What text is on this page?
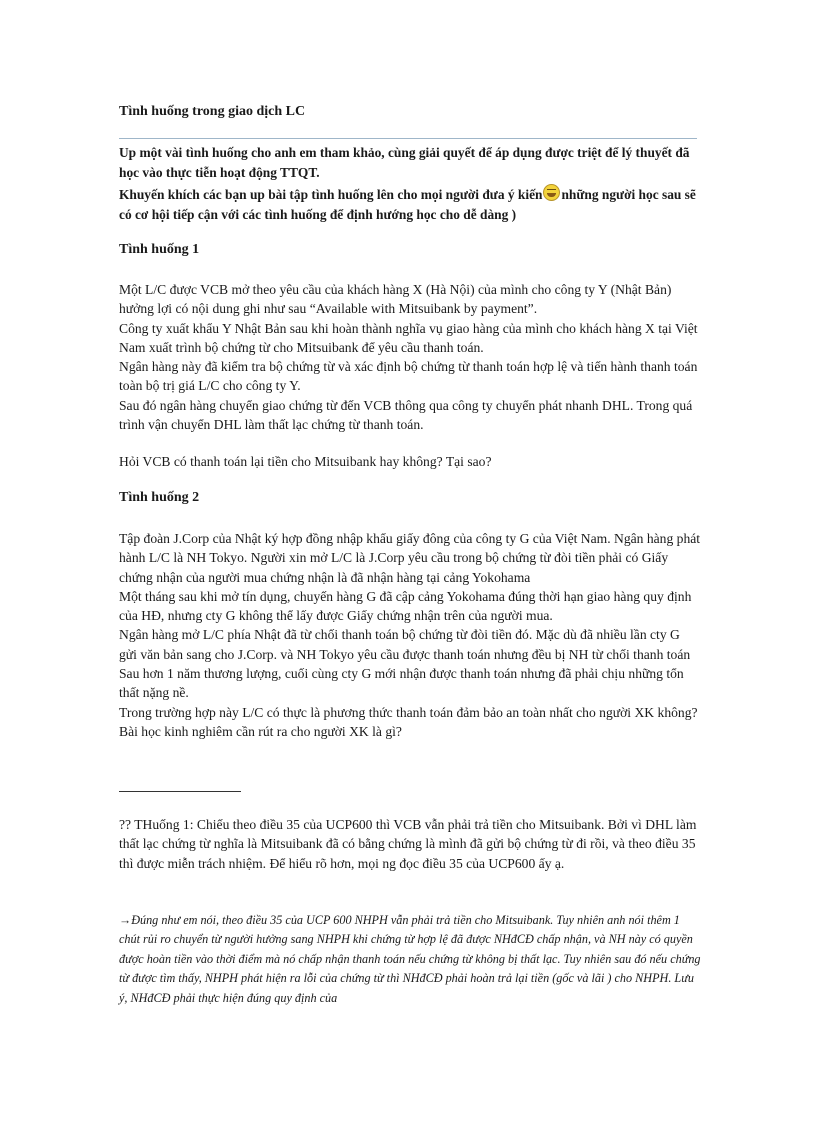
Tình huống trong giao dịch LC
Up một vài tình huống cho anh em tham khảo, cùng giải quyết để áp dụng được triệt để lý thuyết đã học vào thực tiễn hoạt động TTQT.
Khuyến khích các bạn up bài tập tình huống lên cho mọi người đưa ý kiến những người học sau sẽ có cơ hội tiếp cận với các tình huống để định hướng học cho dễ dàng )
Tình huống 1

Một L/C được VCB mở theo yêu cầu của khách hàng X (Hà Nội) của mình cho công ty Y (Nhật Bản) hưởng lợi có nội dung ghi như sau “Available with Mitsuibank by payment”.

Công ty xuất khẩu Y Nhật Bản sau khi hoàn thành nghĩa vụ giao hàng của mình cho khách hàng X tại Việt Nam xuất trình bộ chứng từ cho Mitsuibank để yêu cầu thanh toán.

Ngân hàng này đã kiểm tra bộ chứng từ và xác định bộ chứng từ thanh toán hợp lệ và tiến hành thanh toán toàn bộ trị giá L/C cho công ty Y.

Sau đó ngân hàng chuyển giao chứng từ đến VCB thông qua công ty chuyển phát nhanh DHL. Trong quá trình vận chuyển DHL làm thất lạc chứng từ thanh toán.

Hỏi VCB có thanh toán lại tiền cho Mitsuibank hay không? Tại sao?
Tình huống 2

Tập đoàn J.Corp của Nhật ký hợp đồng nhập khẩu giấy đông của công ty G của Việt Nam. Ngân hàng phát hành L/C là NH Tokyo. Người xin mở L/C là J.Corp yêu cầu trong bộ chứng từ đòi tiền phải có Giấy chứng nhận của người mua chứng nhận là đã nhận hàng tại cảng Yokohama

Một tháng sau khi mở tín dụng, chuyến hàng G đã cập cảng Yokohama đúng thời hạn giao hàng quy định của HĐ, nhưng cty G không thể lấy được Giấy chứng nhận trên của người mua.

Ngân hàng mở L/C phía Nhật đã từ chối thanh toán bộ chứng từ đòi tiền đó. Mặc dù đã nhiều lần cty G gửi văn bản sang cho J.Corp. và NH Tokyo yêu cầu được thanh toán nhưng đều bị NH từ chối thanh toán

Sau hơn 1 năm thương lượng, cuối cùng cty G mới nhận được thanh toán nhưng đã phải chịu những tổn thất nặng nề.

Trong trường hợp này L/C có thực là phương thức thanh toán đảm bảo an toàn nhất cho người XK không?

Bài học kinh nghiêm cần rút ra cho người XK là gì?

?? THuống 1: Chiếu theo điều 35 của UCP600 thì VCB vẫn phải trả tiền cho Mitsuibank. Bởi vì DHL làm thất lạc chứng từ nghĩa là Mitsuibank đã có bằng chứng là mình đã gửi bộ chứng từ đi rồi, và theo điều 35 thì được miễn trách nhiệm. Để hiểu rõ hơn, mọi ng đọc điều 35 của UCP600 ấy ạ.
→Đúng như em nói, theo điều 35 của UCP 600 NHPH vẫn phải trả tiền cho Mitsuibank. Tuy nhiên anh nói thêm 1 chút rủi ro chuyển từ người hưởng sang NHPH khi chứng từ hợp lệ đã được NHđCĐ chấp nhận, và NH này có quyền được hoàn tiền vào thời điểm mà nó chấp nhận thanh toán nếu chứng từ không bị thất lạc. Tuy nhiên sau đó nếu chứng từ được tìm thấy, NHPH phát hiện ra lỗi của chứng từ thì NHđCĐ phải hoàn trả lại tiền (gốc và lãi ) cho NHPH. Lưu ý, NHđCĐ phải thực hiện đúng quy định của
